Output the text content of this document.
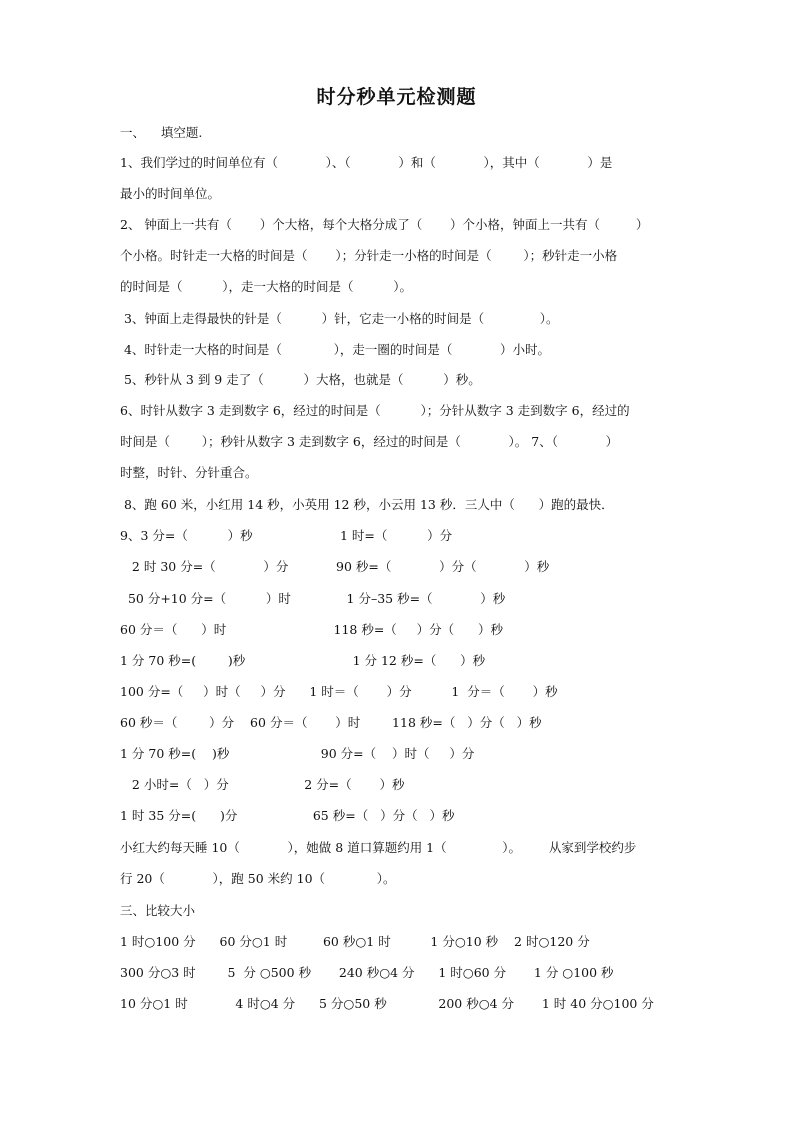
时分秒单元检测题
一、    填空题.
1、我们学过的时间单位有（            ）、（            ）和（            ），其中（            ）是
最小的时间单位。
2、 钟面上一共有（       ）个大格，每个大格分成了（       ）个小格，钟面上一共有（         ）
个小格。时针走一大格的时间是（       ）；分针走一小格的时间是（        ）；秒针走一小格
的时间是（          ），走一大格的时间是（          ）。
3、钟面上走得最快的针是（          ）针，它走一小格的时间是（              ）。
4、时针走一大格的时间是（             ），走一圈的时间是（            ）小时。
5、秒针从 3 到 9 走了（          ）大格，也就是（          ）秒。
6、时针从数字 3 走到数字 6，经过的时间是（          ）；分针从数字 3 走到数字 6，经过的
时间是（        ）；秒针从数字 3 走到数字 6，经过的时间是（            ）。 7、（            ）
时整，时针、分针重合。
8、跑 60 米，小红用 14 秒，小英用 12 秒，小云用 13 秒．三人中（      ）跑的最快．
9、3 分=（          ）秒                      1 时=（          ）分
2 时 30 分=（            ）分            90 秒=（            ）分（            ）秒
50 分+10 分=（          ）时              1 分–35 秒=（            ）秒
60 分＝（      ）时                           118 秒=（     ）分（      ）秒
1 分 70 秒=(        )秒                           1 分 12 秒=（      ）秒
100 分=（     ）时（     ）分      1 时＝（       ）分          1  分＝（       ）秒
60 秒＝（        ）分    60 分＝（       ）时        118 秒=（   ）分（   ）秒
1 分 70 秒=(    )秒                       90 分=（    ）时（     ）分
2 小时=（   ）分                   2 分=（       ）秒
1 时 35 分=(      )分                   65 秒=（   ）分（   ）秒
小红大约每天睡 10（            ），她做 8 道口算题约用 1（              ）。       从家到学校约步
行 20（            ），跑 50 米约 10（             ）。
三、比较大小
1 时○100 分      60 分○1 时         60 秒○1 时          1 分○10 秒    2 时○120 分
300 分○3 时        5  分 ○500 秒       240 秒○4 分      1 时○60 分       1 分 ○100 秒
10 分○1 时            4 时○4 分      5 分○50 秒             200 秒○4 分       1 时 40 分○100 分
